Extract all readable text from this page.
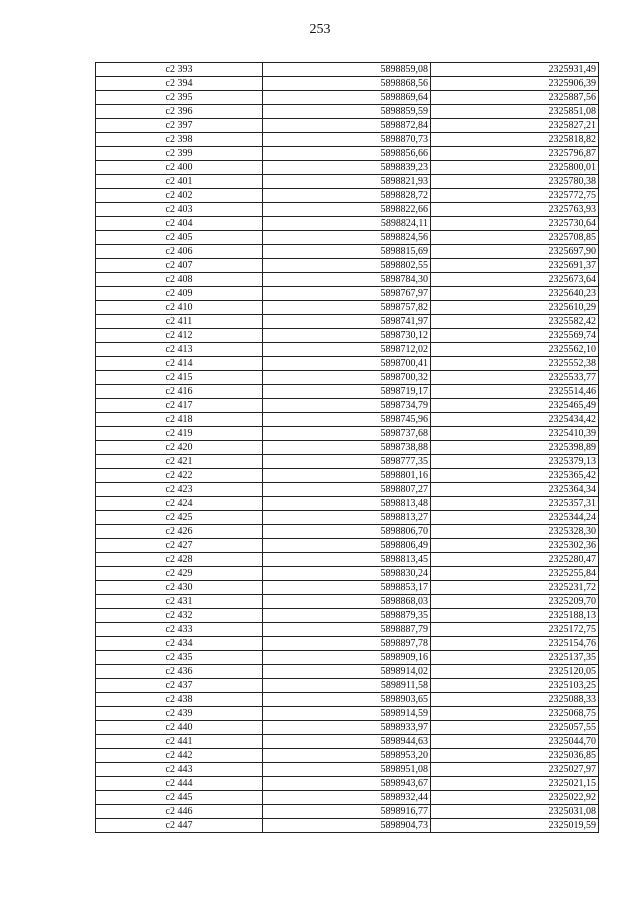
253
с2 393	5898859,08	2325931,49
с2 394	5898868,56	2325906,39
с2 395	5898869,64	2325887,56
с2 396	5898859,59	2325851,08
с2 397	5898872,84	2325827,21
с2 398	5898870,73	2325818,82
с2 399	5898856,66	2325796,87
с2 400	5898839,23	2325800,01
с2 401	5898821,93	2325780,38
с2 402	5898828,72	2325772,75
с2 403	5898822,66	2325763,93
с2 404	5898824,11	2325730,64
с2 405	5898824,56	2325708,85
с2 406	5898815,69	2325697,90
с2 407	5898802,55	2325691,37
с2 408	5898784,30	2325673,64
с2 409	5898767,97	2325640,23
с2 410	5898757,82	2325610,29
с2 411	5898741,97	2325582,42
с2 412	5898730,12	2325569,74
с2 413	5898712,02	2325562,10
с2 414	5898700,41	2325552,38
с2 415	5898700,32	2325533,77
с2 416	5898719,17	2325514,46
с2 417	5898734,79	2325465,49
с2 418	5898745,96	2325434,42
с2 419	5898737,68	2325410,39
с2 420	5898738,88	2325398,89
с2 421	5898777,35	2325379,13
с2 422	5898801,16	2325365,42
с2 423	5898807,27	2325364,34
с2 424	5898813,48	2325357,31
с2 425	5898813,27	2325344,24
с2 426	5898806,70	2325328,30
с2 427	5898806,49	2325302,36
с2 428	5898813,45	2325280,47
с2 429	5898830,24	2325255,84
с2 430	5898853,17	2325231,72
с2 431	5898868,03	2325209,70
с2 432	5898879,35	2325188,13
с2 433	5898887,79	2325172,75
с2 434	5898897,78	2325154,76
с2 435	5898909,16	2325137,35
с2 436	5898914,02	2325120,05
с2 437	5898911,58	2325103,25
с2 438	5898903,65	2325088,33
с2 439	5898914,59	2325068,75
с2 440	5898933,97	2325057,55
с2 441	5898944,63	2325044,70
с2 442	5898953,20	2325036,85
с2 443	5898951,08	2325027,97
с2 444	5898943,67	2325021,15
с2 445	5898932,44	2325022,92
с2 446	5898916,77	2325031,08
с2 447	5898904,73	2325019,59
